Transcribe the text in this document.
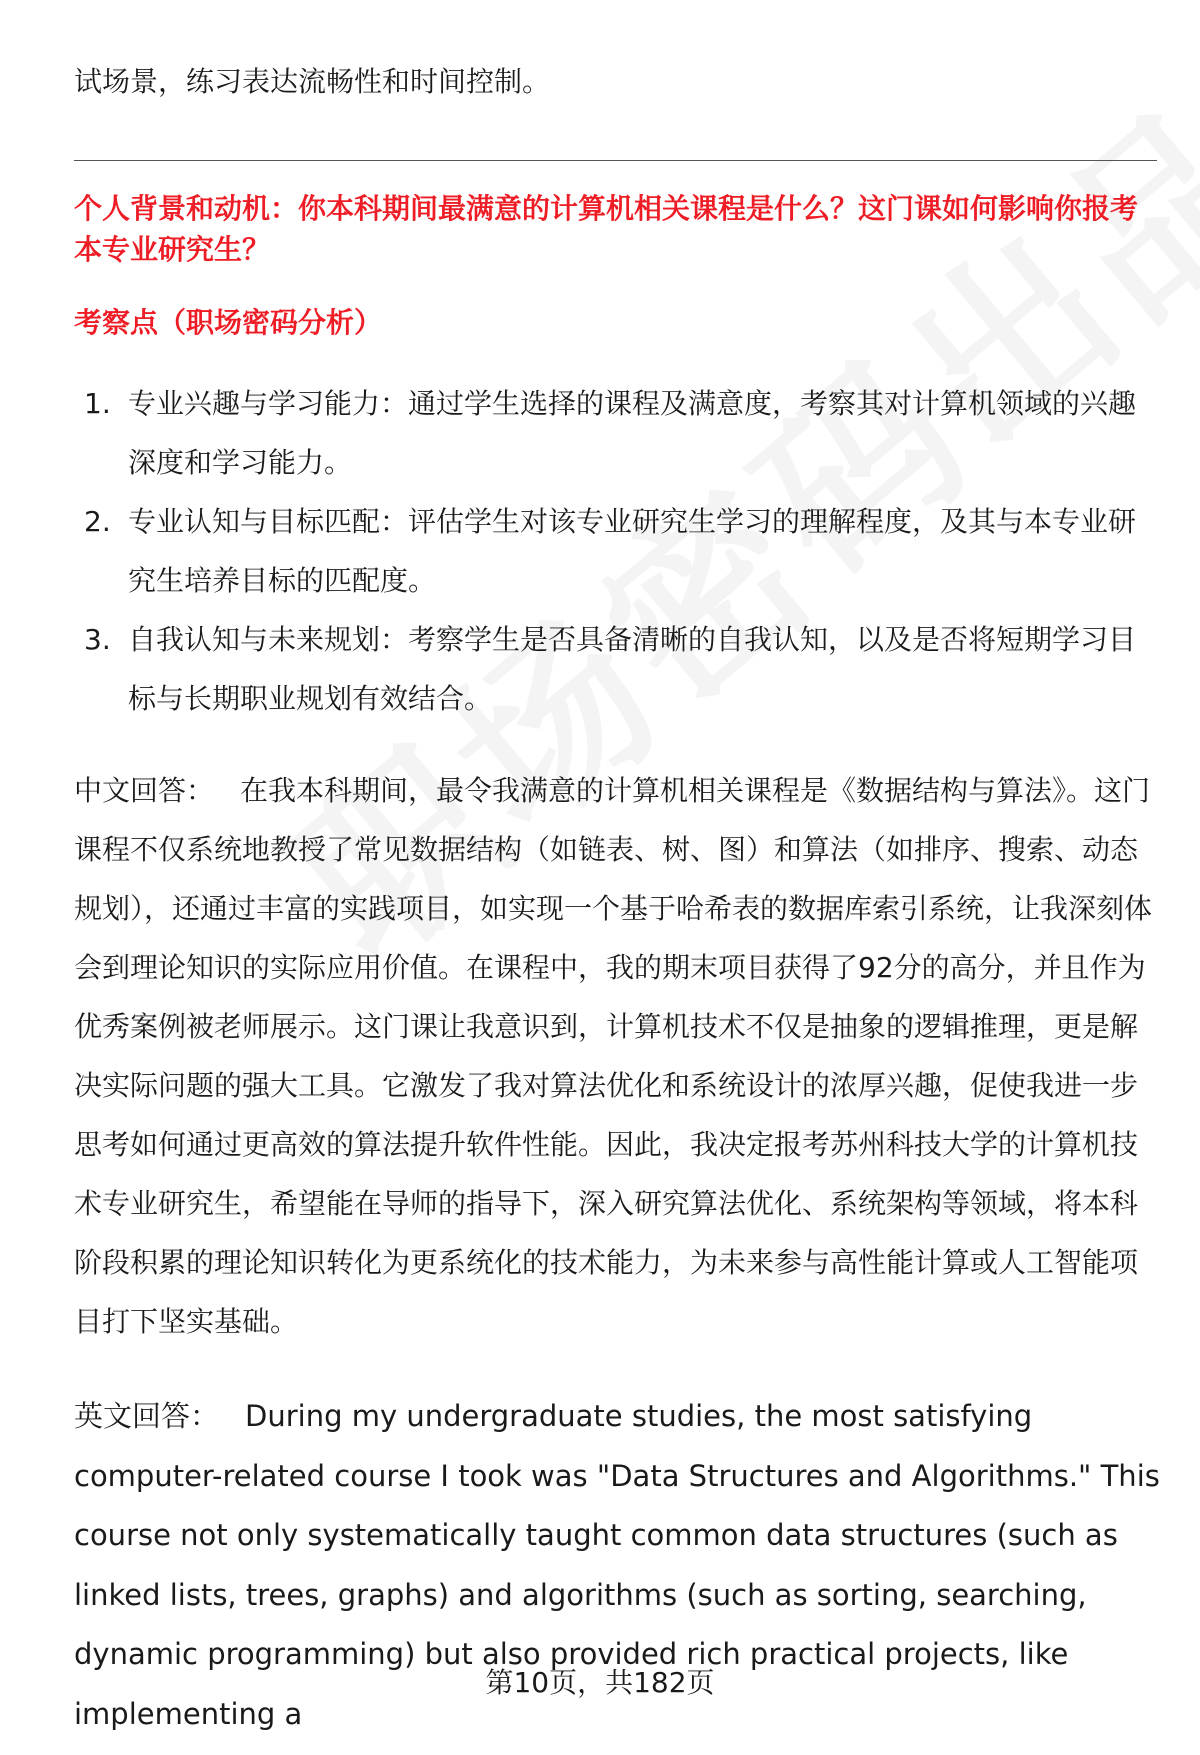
试场景，练习表达流畅性和时间控制。

个人背景和动机：你本科期间最满意的计算机相关课程是什么？这门课如何影响你报考本专业研究生？

考察点（职场密码分析）

1. 专业兴趣与学习能力：通过学生选择的课程及满意度，考察其对计算机领域的兴趣深度和学习能力。
2. 专业认知与目标匹配：评估学生对该专业研究生学习的理解程度，及其与本专业研究生培养目标的匹配度。
3. 自我认知与未来规划：考察学生是否具备清晰的自我认知，以及是否将短期学习目标与长期职业规划有效结合。

中文回答： 在我本科期间，最令我满意的计算机相关课程是《数据结构与算法》。这门课程不仅系统地教授了常见数据结构（如链表、树、图）和算法（如排序、搜索、动态规划），还通过丰富的实践项目，如实现一个基于哈希表的数据库索引系统，让我深刻体会到理论知识的实际应用价值。在课程中，我的期末项目获得了92分的高分，并且作为优秀案例被老师展示。这门课让我意识到，计算机技术不仅是抽象的逻辑推理，更是解决实际问题的强大工具。它激发了我对算法优化和系统设计的浓厚兴趣，促使我进一步思考如何通过更高效的算法提升软件性能。因此，我决定报考苏州科技大学的计算机技术专业研究生，希望能在导师的指导下，深入研究算法优化、系统架构等领域，将本科阶段积累的理论知识转化为更系统化的技术能力，为未来参与高性能计算或人工智能项目打下坚实基础。

英文回答： During my undergraduate studies, the most satisfying computer-related course I took was "Data Structures and Algorithms." This course not only systematically taught common data structures (such as linked lists, trees, graphs) and algorithms (such as sorting, searching, dynamic programming) but also provided rich practical projects, like implementing a

第10页，共182页
